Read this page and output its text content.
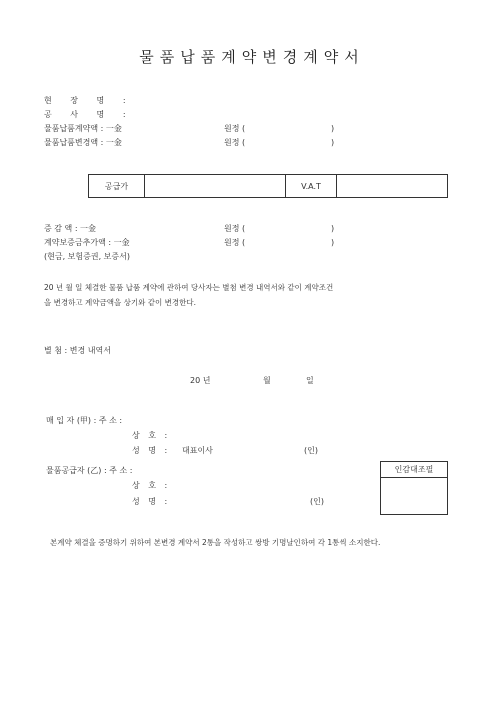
물품납품계약변경계약서
현 장 명 :
공 사 명 :
물품납품계약액 : 一金	원정 (	)
물품납품변경액 : 一金	원정 (	)
공급가		V.A.T	
증 감 액 : 一金	원정 (	)
계약보증금추가액 : 一金	원정 (	)
(현금, 보험증권, 보증서)
20 년 월 일 체결한 물품 납품 계약에 관하여 당사자는 별첨 변경 내역서와 같이 계약조건
을 변경하고 계약금액을 상기와 같이 변경한다.
별 첨 : 변경 내역서
20 년	월	일
매 입 자 (甲) : 주 소 :
상 호 :
성 명 : 대표이사	(인)
물품공급자 (乙) : 주 소 :
상 호 :
성 명 :	(인)
인감대조필
본계약 체결을 증명하기 위하여 본변경 계약서 2통을 작성하고 쌍방 기명날인하여 각 1통씩 소지한다.
